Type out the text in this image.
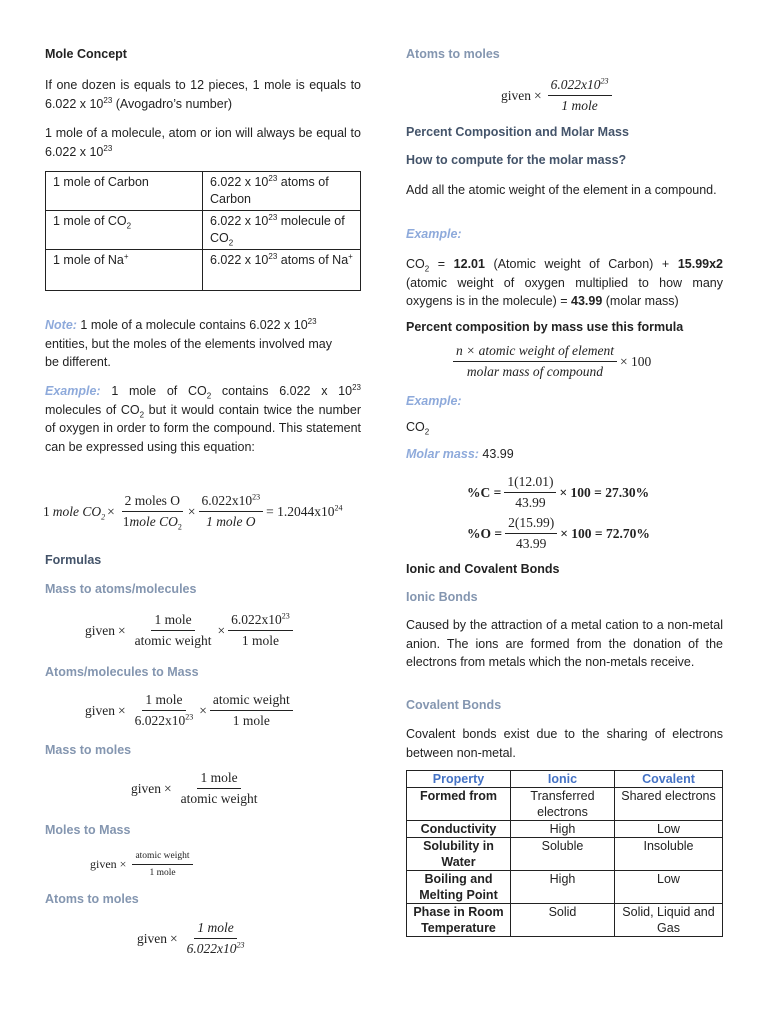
Mole Concept
If one dozen is equals to 12 pieces, 1 mole is equals to 6.022 x $10^{23}$ (Avogadro’s number)
1 mole of a molecule, atom or ion will always be equal to 6.022 x $10^{23}$
1 mole of Carbon	6.022 x $10^{23}$ atoms of Carbon
1 mole of $CO_2$	6.022 x $10^{23}$ molecule of $CO_2$
1 mole of Na+	6.022 x $10^{23}$ atoms of Na+
Note: 1 mole of a molecule contains 6.022 x $10^{23}$ entities, but the moles of the elements involved may be different.
Example: 1 mole of $CO_2$ contains 6.022 x $10^{23}$ molecules of $CO_2$ but it would contain twice the number of oxygen in order to form the compound. This statement can be expressed using this equation:
1 mole $CO_2 \times \frac{\text{2 moles O}}{1mole CO_2} \times \frac{6.022x10^{23}}{\text{1 mole O}} = 1.2044x10^{24}$
Formulas
Mass to atoms/molecules
given × $\frac{\text{1 mole}}{\text{atomic weight}} \times \frac{6.022x10^{23}}{\text{1 mole}}$
Atoms/molecules to Mass
given × $\frac{\text{1 mole}}{6.022x10^{23}} \times \frac{\text{atomic weight}}{\text{1 mole}}$
Mass to moles
given × $\frac{\text{1 mole}}{\text{atomic weight}}$
Moles to Mass
given × $\frac{\text{atomic weight}}{\text{1 mole}}$
Atoms to moles
given × $\frac{\text{1 mole}}{6.022x10^{23}}$
Atoms to moles
given × $\frac{6.022x10^{23}}{\text{1 mole}}$
Percent Composition and Molar Mass
How to compute for the molar mass?
Add all the atomic weight of the element in a compound.
Example:
$CO_2 = 12.01$ (Atomic weight of Carbon) + 15.99x2 (atomic weight of oxygen multiplied to how many oxygens is in the molecule) = 43.99 (molar mass)
Percent composition by mass use this formula
$\frac{\text{n × atomic weight of element}}{\text{molar mass of compound}} \times 100$
Example:
$CO_2$
Molar mass: 43.99
$\%C = \frac{1(12.01)}{43.99} \times 100 = 27.30\%$
$\%O = \frac{2(15.99)}{43.99} \times 100 = 72.70\%$
Ionic and Covalent Bonds
Ionic Bonds
Caused by the attraction of a metal cation to a non-metal anion. The ions are formed from the donation of the electrons from metals which the non-metals receive.
Covalent Bonds
Covalent bonds exist due to the sharing of electrons between non-metal.
Property	Ionic	Covalent
Formed from	Transferred electrons	Shared electrons
Conductivity	High	Low
Solubility in Water	Soluble	Insoluble
Boiling and Melting Point	High	Low
Phase in Room Temperature	Solid	Solid, Liquid and Gas
